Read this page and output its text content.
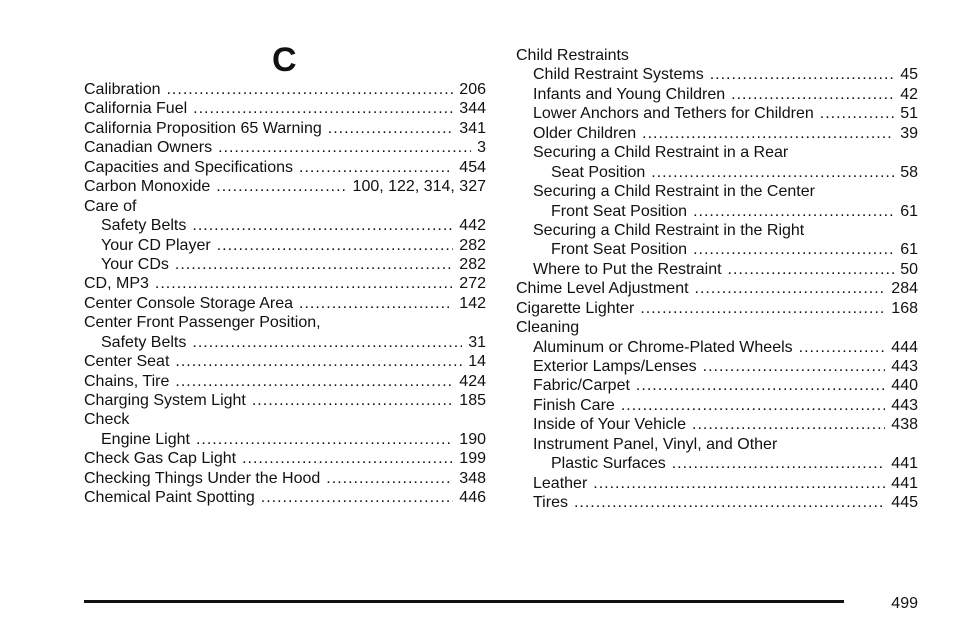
C
Calibration .....	206
California Fuel .....	344
California Proposition 65 Warning .....	341
Canadian Owners .....	3
Capacities and Specifications .....	454
Carbon Monoxide .....	100, 122, 314, 327
Care of
Safety Belts .....	442
Your CD Player .....	282
Your CDs .....	282
CD, MP3 .....	272
Center Console Storage Area .....	142
Center Front Passenger Position,
Safety Belts .....	31
Center Seat .....	14
Chains, Tire .....	424
Charging System Light .....	185
Check
Engine Light .....	190
Check Gas Cap Light .....	199
Checking Things Under the Hood .....	348
Chemical Paint Spotting .....	446
Child Restraints
Child Restraint Systems .....	45
Infants and Young Children .....	42
Lower Anchors and Tethers for Children .....	51
Older Children .....	39
Securing a Child Restraint in a Rear
Seat Position .....	58
Securing a Child Restraint in the Center
Front Seat Position .....	61
Securing a Child Restraint in the Right
Front Seat Position .....	61
Where to Put the Restraint .....	50
Chime Level Adjustment .....	284
Cigarette Lighter .....	168
Cleaning
Aluminum or Chrome-Plated Wheels .....	444
Exterior Lamps/Lenses .....	443
Fabric/Carpet .....	440
Finish Care .....	443
Inside of Your Vehicle .....	438
Instrument Panel, Vinyl, and Other
Plastic Surfaces .....	441
Leather .....	441
Tires .....	445
499
